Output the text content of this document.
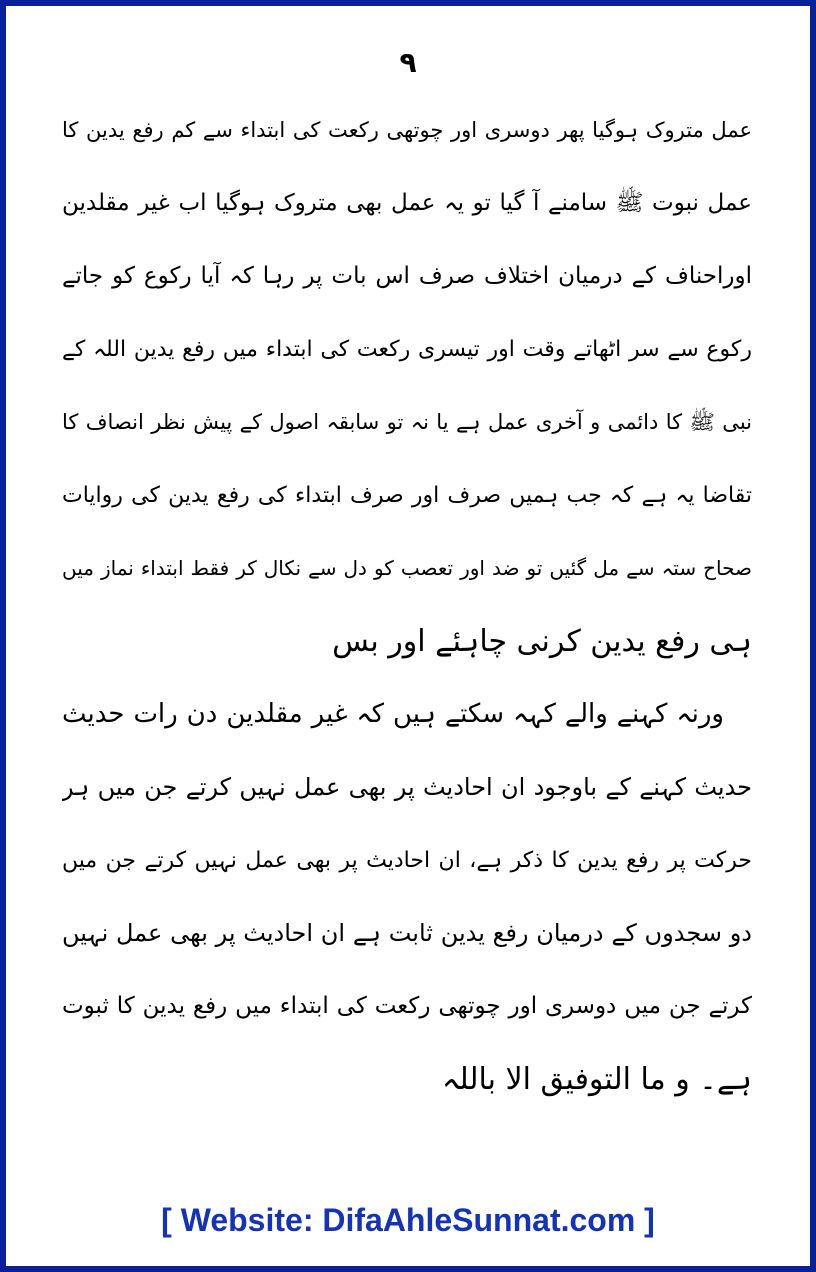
٩
عمل متروک ہوگیا پھر دوسری اور چوتھی رکعت کی ابتداء سے کم رفع یدین کا
عمل نبوت ﷺ سامنے آ گیا تو یہ عمل بھی متروک ہوگیا اب غیر مقلدین
اوراحناف کے درمیان اختلاف صرف اس بات پر رہا کہ آیا رکوع کو جاتے
رکوع سے سر اٹھاتے وقت اور تیسری رکعت کی ابتداء میں رفع یدین اللہ کے
نبی ﷺ کا دائمی و آخری عمل ہے یا نہ تو سابقہ اصول کے پیش نظر انصاف کا
تقاضا یہ ہے کہ جب ہمیں صرف اور صرف ابتداء کی رفع یدین کی روایات
صحاح ستہ سے مل گئیں تو ضد اور تعصب کو دل سے نکال کر فقط ابتداء نماز میں
ہی رفع یدین کرنی چاہئے اور بس
ورنہ کہنے والے کہہ سکتے ہیں کہ غیر مقلدین دن رات حدیث
حدیث کہنے کے باوجود ان احادیث پر بھی عمل نہیں کرتے جن میں ہر
حرکت پر رفع یدین کا ذکر ہے، ان احادیث پر بھی عمل نہیں کرتے جن میں
دو سجدوں کے درمیان رفع یدین ثابت ہے ان احادیث پر بھی عمل نہیں
کرتے جن میں دوسری اور چوتھی رکعت کی ابتداء میں رفع یدین کا ثبوت
ہے۔ و ما التوفیق الا باللہ
[ Website: DifaAhleSunnat.com ]
